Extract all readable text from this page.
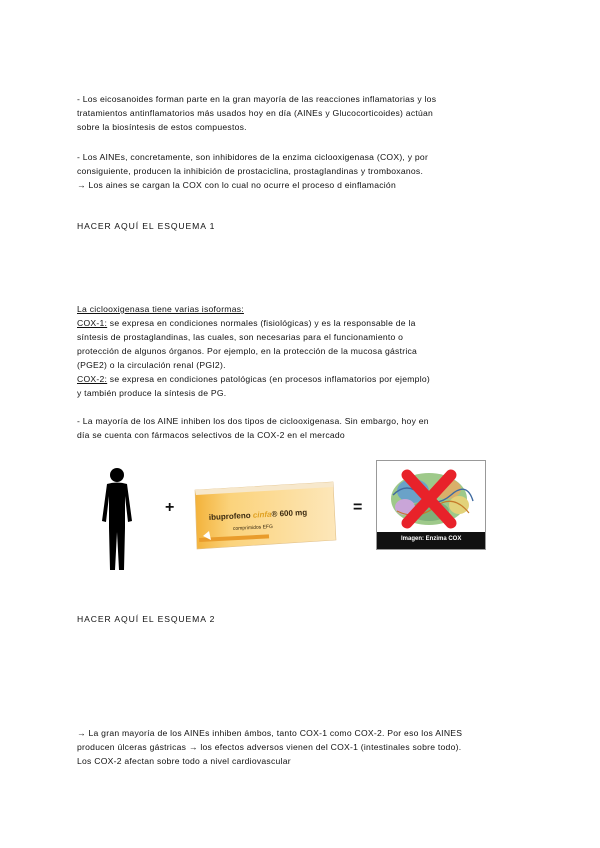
- Los eicosanoides forman parte en la gran mayoría de las reacciones inflamatorias y los
tratamientos antinflamatorios más usados hoy en día (AINEs y Glucocorticoides) actúan
sobre la biosíntesis de estos compuestos.
- Los AINEs, concretamente, son inhibidores de la enzima ciclooxigenasa (COX), y por
consiguiente, producen la inhibición de prostaciclina, prostaglandinas y tromboxanos.
→ Los aines se cargan la COX con lo cual no ocurre el proceso d einflamación
HACER AQUÍ EL ESQUEMA 1
La ciclooxigenasa tiene varias isoformas:
COX-1: se expresa en condiciones normales (fisiológicas) y es la responsable de la
síntesis de prostaglandinas, las cuales, son necesarias para el funcionamiento o
protección de algunos órganos. Por ejemplo, en la protección de la mucosa gástrica
(PGE2) o la circulación renal (PGI2).
COX-2: se expresa en condiciones patológicas (en procesos inflamatorios por ejemplo)
y también produce la síntesis de PG.
- La mayoría de los AINE inhiben los dos tipos de ciclooxigenasa. Sin embargo, hoy en
día se cuenta con fármacos selectivos de la COX-2 en el mercado
+
ibuprofeno cinfa® 600 mg
comprimidos EFG
=
Imagen: Enzima COX
HACER AQUÍ EL ESQUEMA 2
→ La gran mayoría de los AINEs inhiben ámbos, tanto COX-1 como COX-2. Por eso los AINES
producen úlceras gástricas → los efectos adversos vienen del COX-1 (intestinales sobre todo).
Los COX-2 afectan sobre todo a nivel cardiovascular
